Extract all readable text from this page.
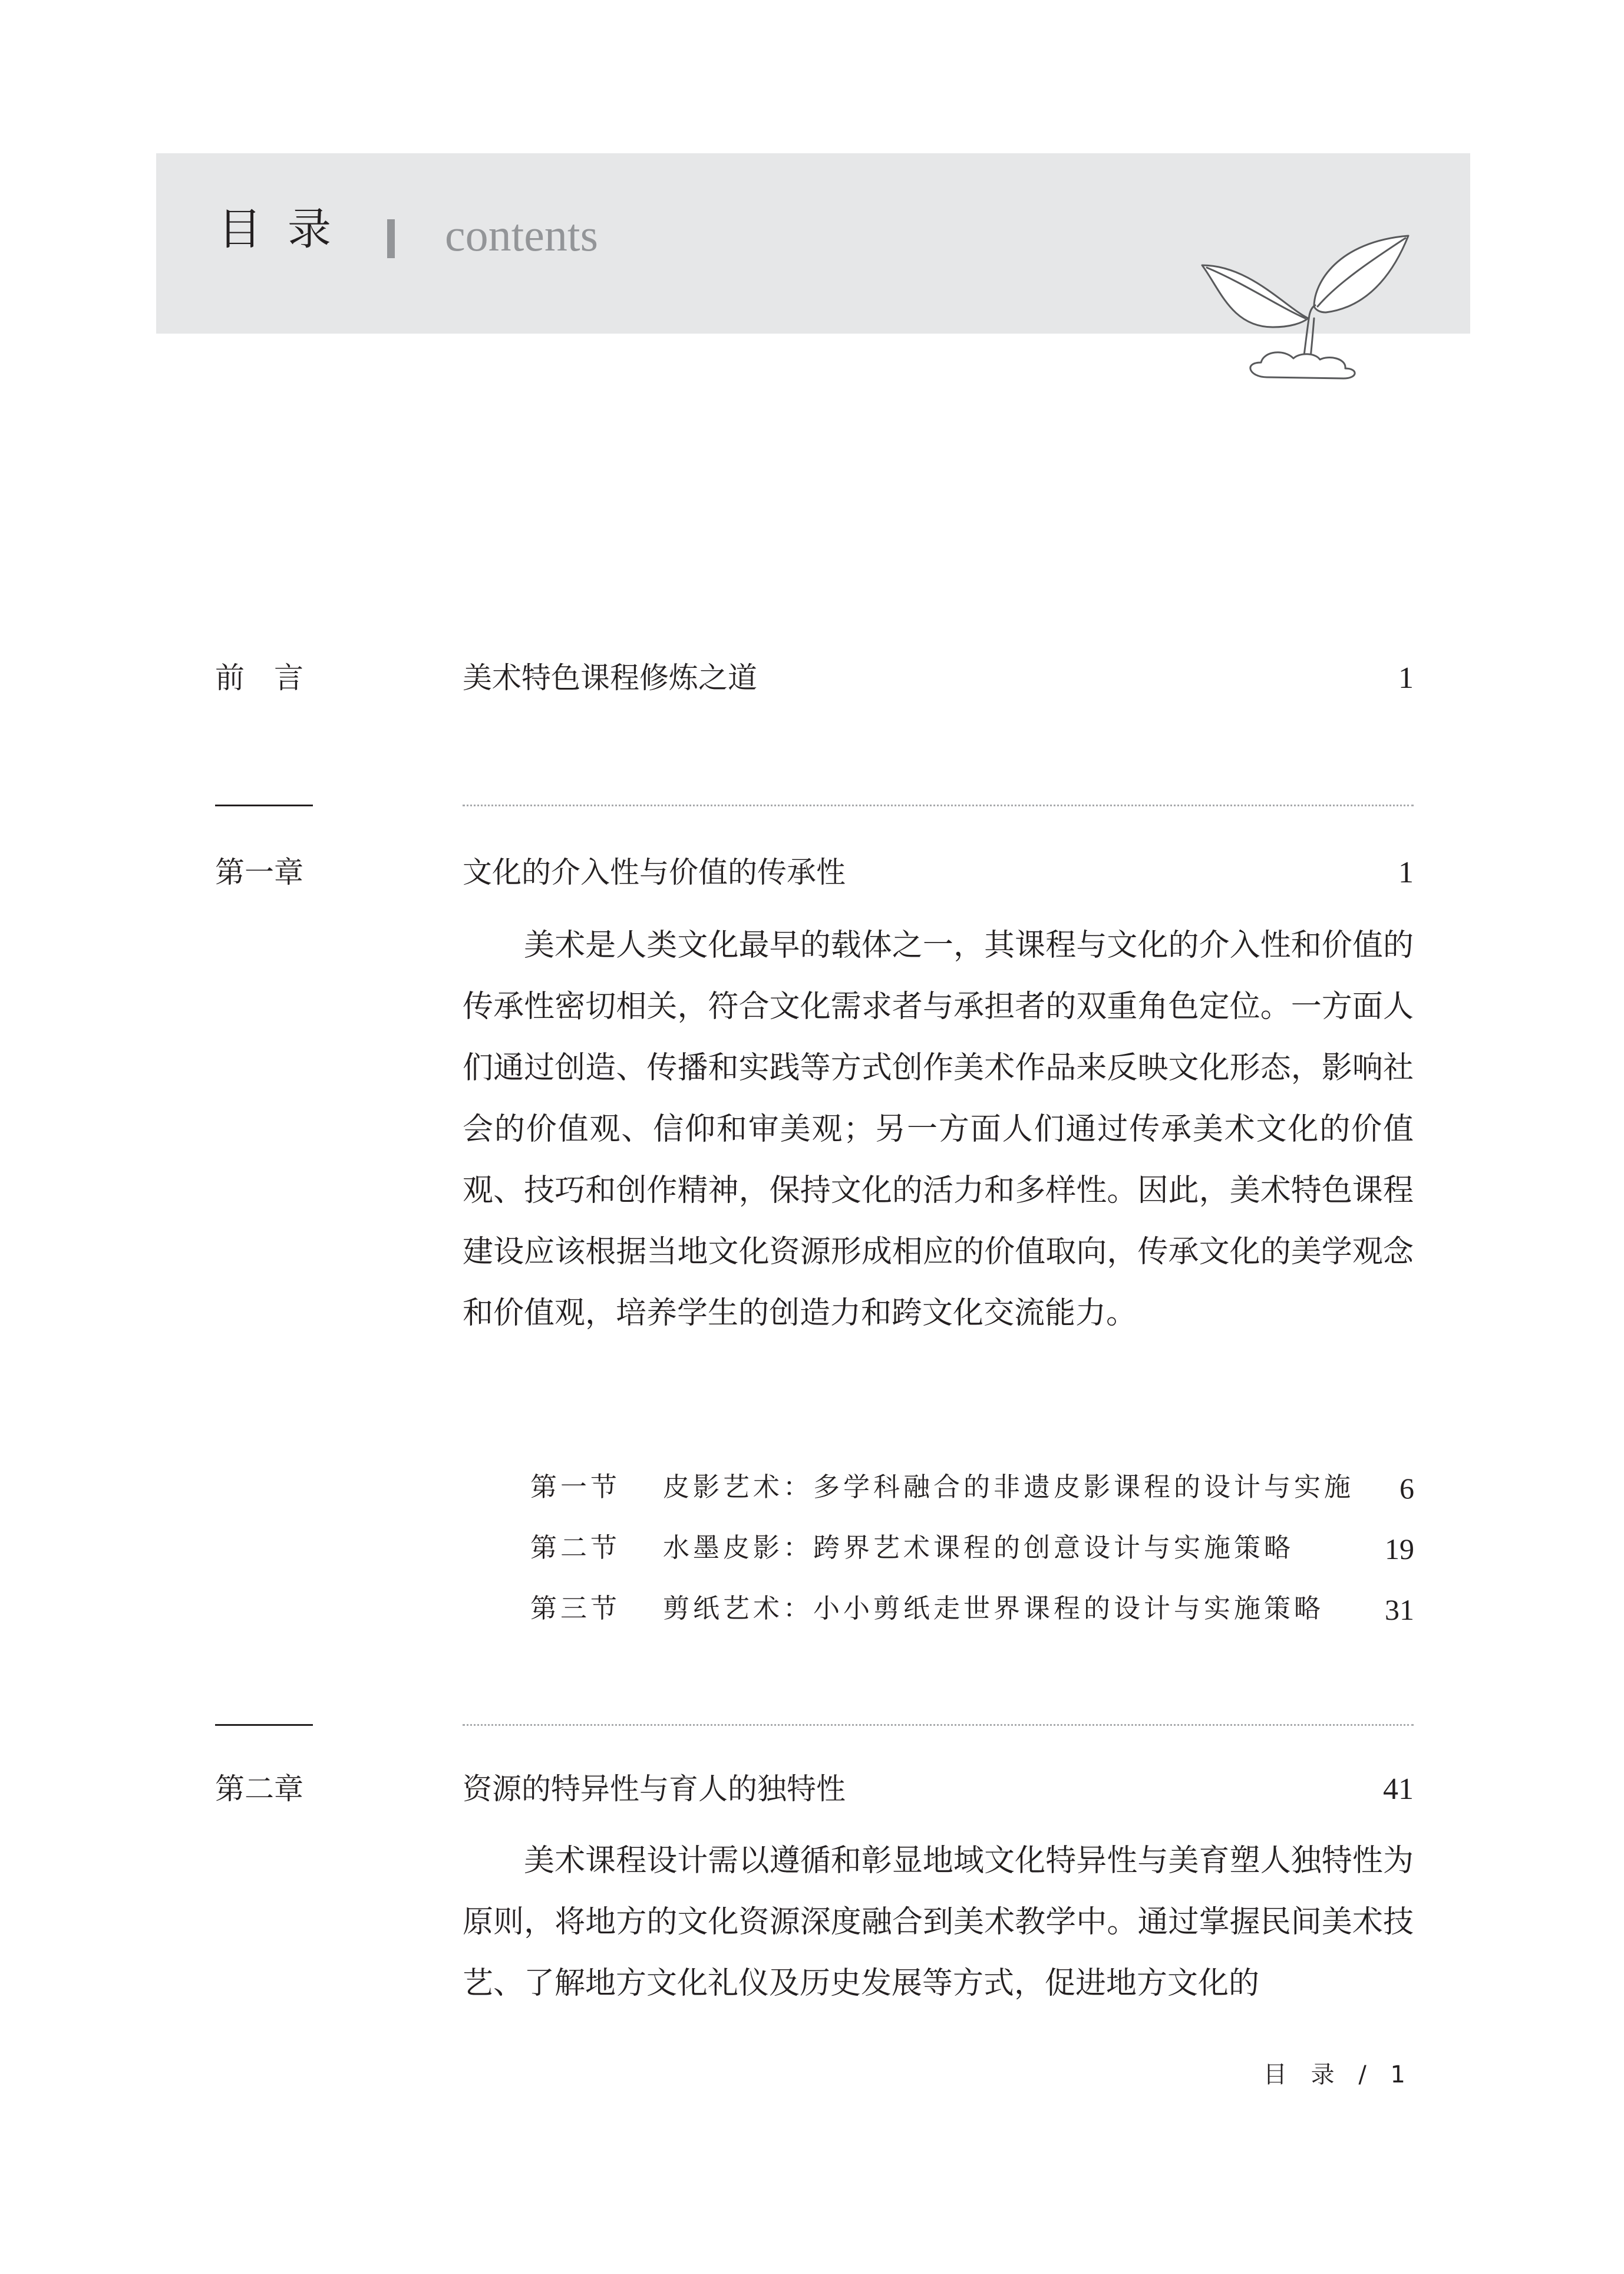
目录 contents
前　言	美术特色课程修炼之道	1
第一章	文化的介入性与价值的传承性	1

美术是人类文化最早的载体之一，其课程与文化的介入性和价值的传承性密切相关，符合文化需求者与承担者的双重角色定位。一方面人们通过创造、传播和实践等方式创作美术作品来反映文化形态，影响社会的价值观、信仰和审美观；另一方面人们通过传承美术文化的价值观、技巧和创作精神，保持文化的活力和多样性。因此，美术特色课程建设应该根据当地文化资源形成相应的价值取向，传承文化的美学观念和价值观，培养学生的创造力和跨文化交流能力。

第一节 皮影艺术：多学科融合的非遗皮影课程的设计与实施 6
第二节 水墨皮影：跨界艺术课程的创意设计与实施策略	19
第三节 剪纸艺术：小小剪纸走世界课程的设计与实施策略 31
第二章	资源的特异性与育人的独特性	41

美术课程设计需以遵循和彰显地域文化特异性与美育塑人独特性为原则，将地方的文化资源深度融合到美术教学中。通过掌握民间美术技艺、了解地方文化礼仪及历史发展等方式，促进地方文化的

目 录 / 1
